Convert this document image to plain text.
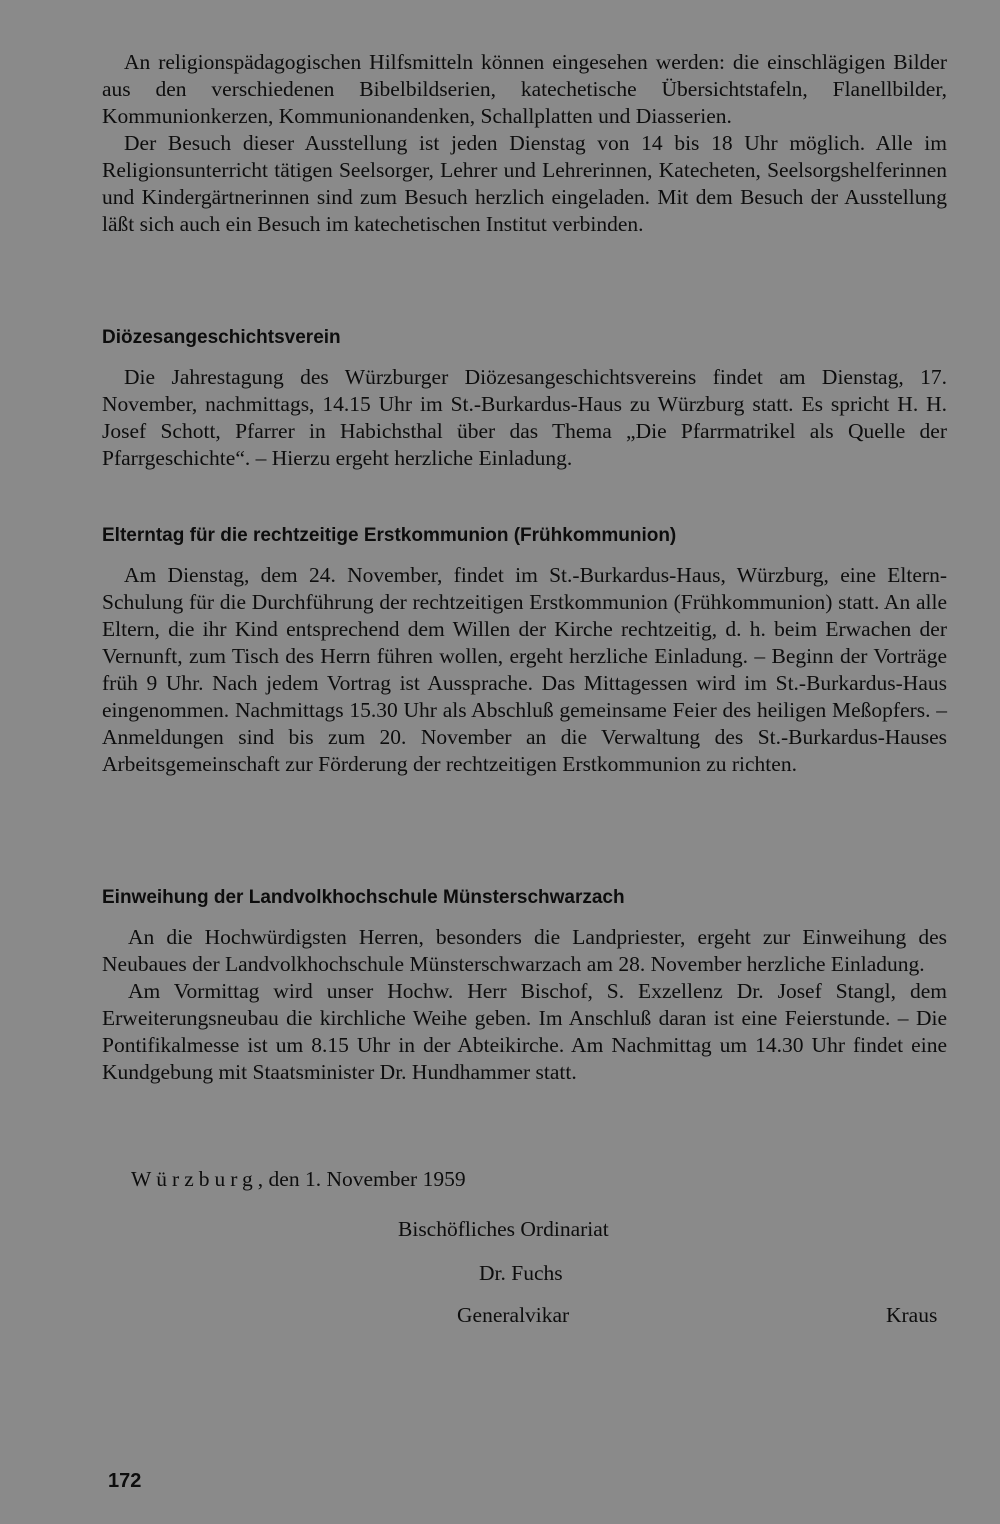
An religionspädagogischen Hilfsmitteln können eingesehen werden: die einschlägigen Bilder aus den verschiedenen Bibelbildserien, katechetische Übersichtstafeln, Flanellbilder, Kommunionkerzen, Kommunionandenken, Schallplatten und Diasserien.

Der Besuch dieser Ausstellung ist jeden Dienstag von 14 bis 18 Uhr möglich. Alle im Religionsunterricht tätigen Seelsorger, Lehrer und Lehrerinnen, Katecheten, Seelsorgshelferinnen und Kindergärtnerinnen sind zum Besuch herzlich eingeladen. Mit dem Besuch der Ausstellung läßt sich auch ein Besuch im katechetischen Institut verbinden.

Diözesangeschichtsverein

Die Jahrestagung des Würzburger Diözesangeschichtsvereins findet am Dienstag, 17. November, nachmittags, 14.15 Uhr im St.-Burkardus-Haus zu Würzburg statt. Es spricht H. H. Josef Schott, Pfarrer in Habichsthal über das Thema „Die Pfarrmatrikel als Quelle der Pfarrgeschichte“. – Hierzu ergeht herzliche Einladung.

Elterntag für die rechtzeitige Erstkommunion (Frühkommunion)

Am Dienstag, dem 24. November, findet im St.-Burkardus-Haus, Würzburg, eine Eltern-Schulung für die Durchführung der rechtzeitigen Erstkommunion (Frühkommunion) statt. An alle Eltern, die ihr Kind entsprechend dem Willen der Kirche rechtzeitig, d. h. beim Erwachen der Vernunft, zum Tisch des Herrn führen wollen, ergeht herzliche Einladung. – Beginn der Vorträge früh 9 Uhr. Nach jedem Vortrag ist Aussprache. Das Mittagessen wird im St.-Burkardus-Haus eingenommen. Nachmittags 15.30 Uhr als Abschluß gemeinsame Feier des heiligen Meßopfers. – Anmeldungen sind bis zum 20. November an die Verwaltung des St.-Burkardus-Hauses Arbeitsgemeinschaft zur Förderung der rechtzeitigen Erstkommunion zu richten.

Einweihung der Landvolkhochschule Münsterschwarzach

An die Hochwürdigsten Herren, besonders die Landpriester, ergeht zur Einweihung des Neubaues der Landvolkhochschule Münsterschwarzach am 28. November herzliche Einladung.

Am Vormittag wird unser Hochw. Herr Bischof, S. Exzellenz Dr. Josef Stangl, dem Erweiterungsneubau die kirchliche Weihe geben. Im Anschluß daran ist eine Feierstunde. – Die Pontifikalmesse ist um 8.15 Uhr in der Abteikirche. Am Nachmittag um 14.30 Uhr findet eine Kundgebung mit Staatsminister Dr. Hundhammer statt.

Würzburg, den 1. November 1959
Bischöfliches Ordinariat
Dr. Fuchs
Generalvikar	Kraus
172
